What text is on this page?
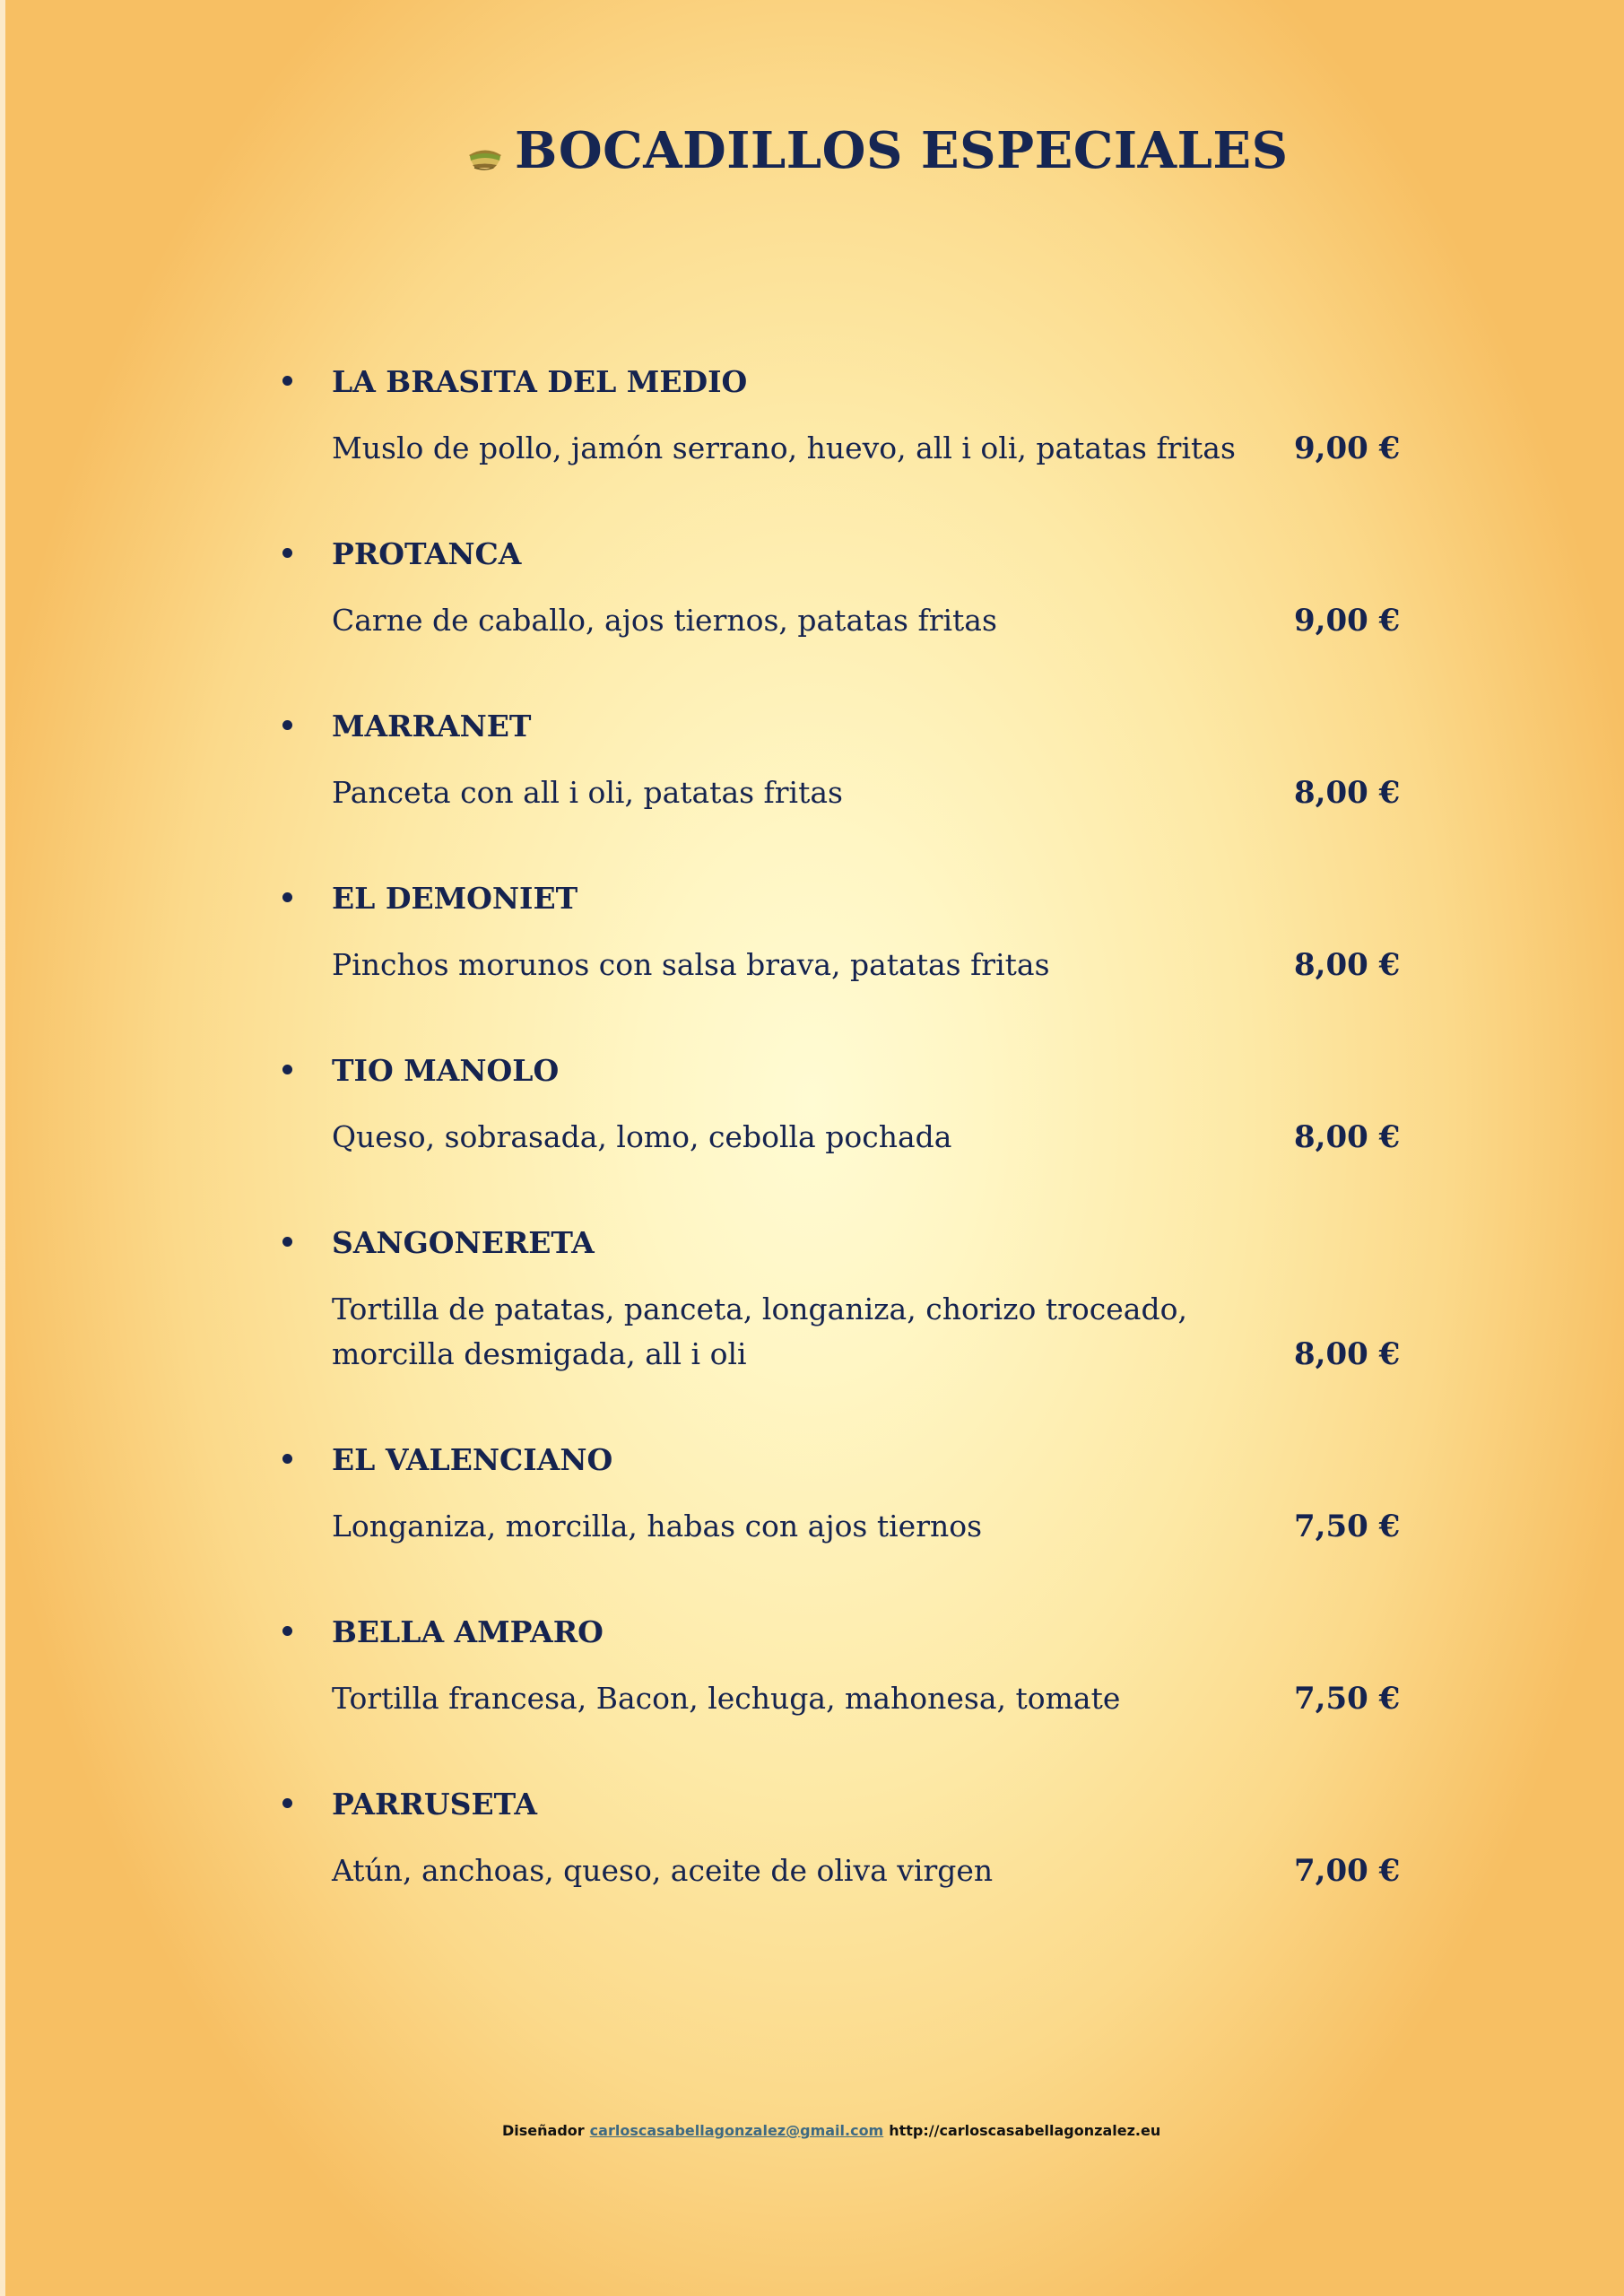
BOCADILLOS ESPECIALES
LA BRASITA DEL MEDIO
Muslo de pollo, jamón serrano, huevo, all i oli, patatas fritas 9,00 €
PROTANCA
Carne de caballo, ajos tiernos, patatas fritas	9,00 €
MARRANET
Panceta con all i oli, patatas fritas	8,00 €
EL DEMONIET
Pinchos morunos con salsa brava, patatas fritas	8,00 €
TIO MANOLO
Queso, sobrasada, lomo, cebolla pochada	8,00 €
SANGONERETA
Tortilla de patatas, panceta, longaniza, chorizo troceado, morcilla desmigada, all i oli	8,00 €
EL VALENCIANO
Longaniza, morcilla, habas con ajos tiernos	7,50 €
BELLA AMPARO
Tortilla francesa, Bacon, lechuga, mahonesa, tomate	7,50 €
PARRUSETA
Atún, anchoas, queso, aceite de oliva virgen	7,00 €
Diseñador carloscasabellagonzalez@gmail.com http://carloscasabellagonzalez.eu
